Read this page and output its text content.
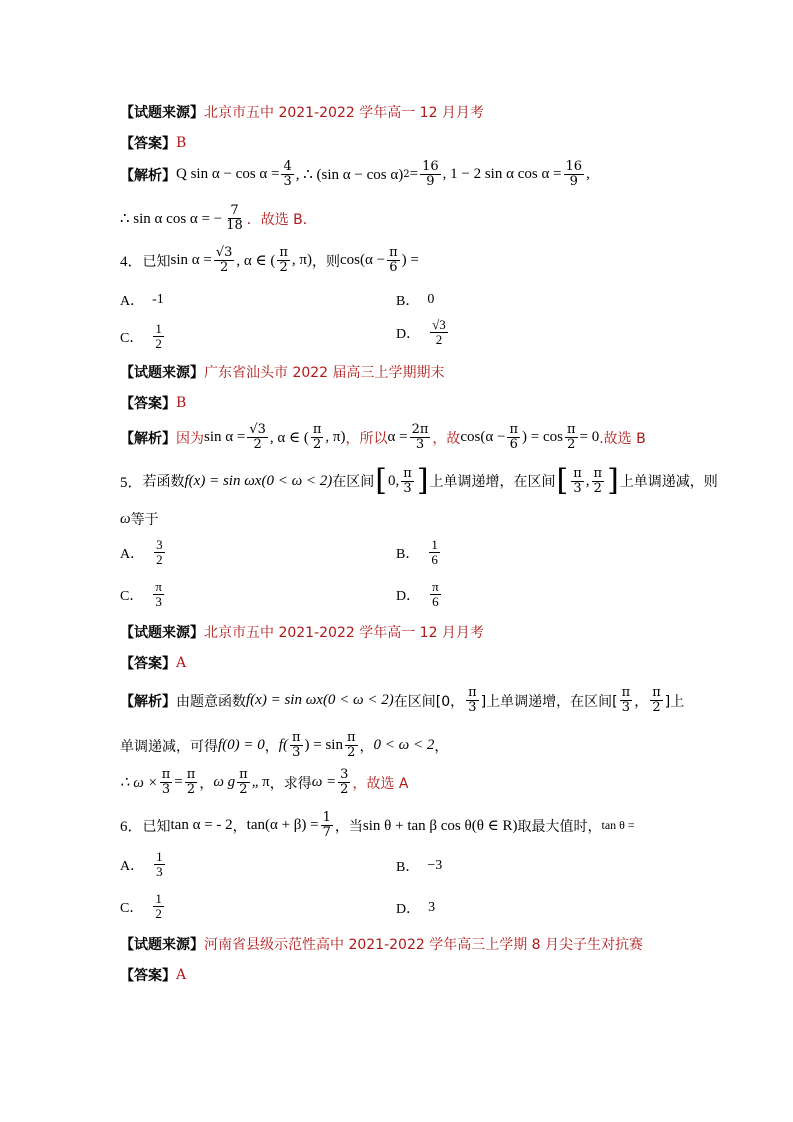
【试题来源】 北京市五中 2021-2022 学年高一 12 月月考
【答案】 B
【解析】 Q $\sin \alpha - \cos \alpha = \frac{4}{3}$ , ∴ (sin α − cos α) $2 = \frac{16}{9}$ , 1 − 2 sin α $\cos \alpha = \frac{16}{9}$ ,
∴ sin α cos α = − $\frac{7}{18}$ ．故选 B．
4． 已知 $\sin \alpha = \frac{√3}{2}$ , α ∈ ( $\frac{\pi}{2}$ , π) ，则 $\cos(\alpha - \frac{\pi}{6}$ ) =
A． -1	B． 0
C． $\frac{1}{2}$	D． $\frac{√3}{2}$
【试题来源】 广东省汕头市 2022 届高三上学期期末
【答案】 B
【解析】 因为 $\sin \alpha = \frac{√3}{2}$ , α ∈ ( $\frac{\pi}{2}$ , π) ，所以 $\alpha = \frac{2\pi}{3}$ ，故 $\cos(\alpha - \frac{\pi}{6}$ ) = $\cos \frac{\pi}{2} = 0$ .故选 B
5． 若函数 f(x) = sin ωx(0 < ω < 2) 在区间 [ 0, $\frac{\pi}{3}$ ] 上单调递增，在区间 [ $\frac{\pi}{3}$ , $\frac{\pi}{2}$ ] 上单调递减，则
ω 等于
A． $\frac{3}{2}$	B． $\frac{1}{6}$
C． $\frac{\pi}{3}$	D． $\frac{\pi}{6}$
【试题来源】 北京市五中 2021-2022 学年高一 12 月月考
【答案】 A
【解析】 由题意函数 f(x) = sin ωx(0 < ω < 2) 在区间[0， $\frac{\pi}{3}$ ]上单调递增，在区间[ $\frac{\pi}{3}$ ， $\frac{\pi}{2}$ ]上
单调递减，可得 f(0) = 0 ， $f( \frac{\pi}{3}$ ) = $\sin \frac{\pi}{2}$ ， 0 < ω < 2 ，
∴ $\omega \times \frac{\pi}{3} = \frac{\pi}{2}$ ， ω g $\frac{\pi}{2}$ „ π ，求得 $\omega = \frac{3}{2}$ ，故选 A
6． 已知 tan α = - 2 ， $\tan(\alpha + \beta) = \frac{1}{7}$ ，当 sin θ + tan β cos θ(θ ∈ R) 取最大值时， tan θ =
A． $\frac{1}{3}$	B． −3
C． $\frac{1}{2}$	D． 3
【试题来源】 河南省县级示范性高中 2021-2022 学年高三上学期 8 月尖子生对抗赛
【答案】 A
